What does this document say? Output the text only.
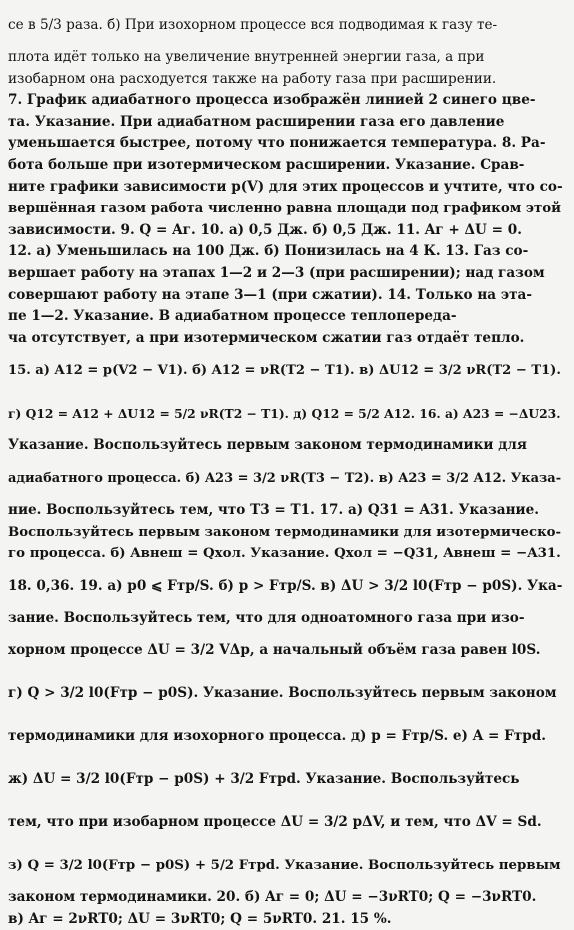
се в 5/3 раза. б) При изохорном процессе вся подводимая к газу те-
плота идёт только на увеличение внутренней энергии газа, а при
изобарном она расходуется также на работу газа при расширении.
7. График адиабатного процесса изображён линией 2 синего цве-
та. Указание. При адиабатном расширении газа его давление
уменьшается быстрее, потому что понижается температура. 8. Ра-
бота больше при изотермическом расширении. Указание. Срав-
ните графики зависимости p(V) для этих процессов и учтите, что со-
вершённая газом работа численно равна площади под графиком этой
зависимости. 9. Q = Aг. 10. а) 0,5 Дж. б) 0,5 Дж. 11. Aг + ΔU = 0.
12. а) Уменьшилась на 100 Дж. б) Понизилась на 4 К. 13. Газ со-
вершает работу на этапах 1—2 и 2—3 (при расширении); над газом
совершают работу на этапе 3—1 (при сжатии). 14. Только на эта-
пе 1—2. Указание. В адиабатном процессе теплопереда-
ча отсутствует, а при изотермическом сжатии газ отдаёт тепло.
15. а) A12 = p(V2 − V1). б) A12 = νR(T2 − T1). в) ΔU12 = 3/2 νR(T2 − T1).
г) Q12 = A12 + ΔU12 = 5/2 νR(T2 − T1). д) Q12 = 5/2 A12. 16. а) A23 = −ΔU23.
Указание. Воспользуйтесь первым законом термодинамики для
адиабатного процесса. б) A23 = 3/2 νR(T3 − T2). в) A23 = 3/2 A12. Указа-
ние. Воспользуйтесь тем, что T3 = T1. 17. а) Q31 = A31. Указание.
Воспользуйтесь первым законом термодинамики для изотермическо-
го процесса. б) Aвнеш = Qхол. Указание. Qхол = −Q31, Aвнеш = −A31.
18. 0,36. 19. а) p0 ⩽ Fтр/S. б) p > Fтр/S. в) ΔU > 3/2 l0(Fтр − p0S). Ука-
зание. Воспользуйтесь тем, что для одноатомного газа при изо-
хорном процессе ΔU = 3/2 VΔp, а начальный объём газа равен l0S.
г) Q > 3/2 l0(Fтр − p0S). Указание. Воспользуйтесь первым законом
термодинамики для изохорного процесса. д) p = Fтр/S. е) A = Fтрd.
ж) ΔU = 3/2 l0(Fтр − p0S) + 3/2 Fтрd. Указание. Воспользуйтесь
тем, что при изобарном процессе ΔU = 3/2 pΔV, и тем, что ΔV = Sd.
з) Q = 3/2 l0(Fтр − p0S) + 5/2 Fтрd. Указание. Воспользуйтесь первым
законом термодинамики. 20. б) Aг = 0; ΔU = −3νRT0; Q = −3νRT0.
в) Aг = 2νRT0; ΔU = 3νRT0; Q = 5νRT0. 21. 15 %.
